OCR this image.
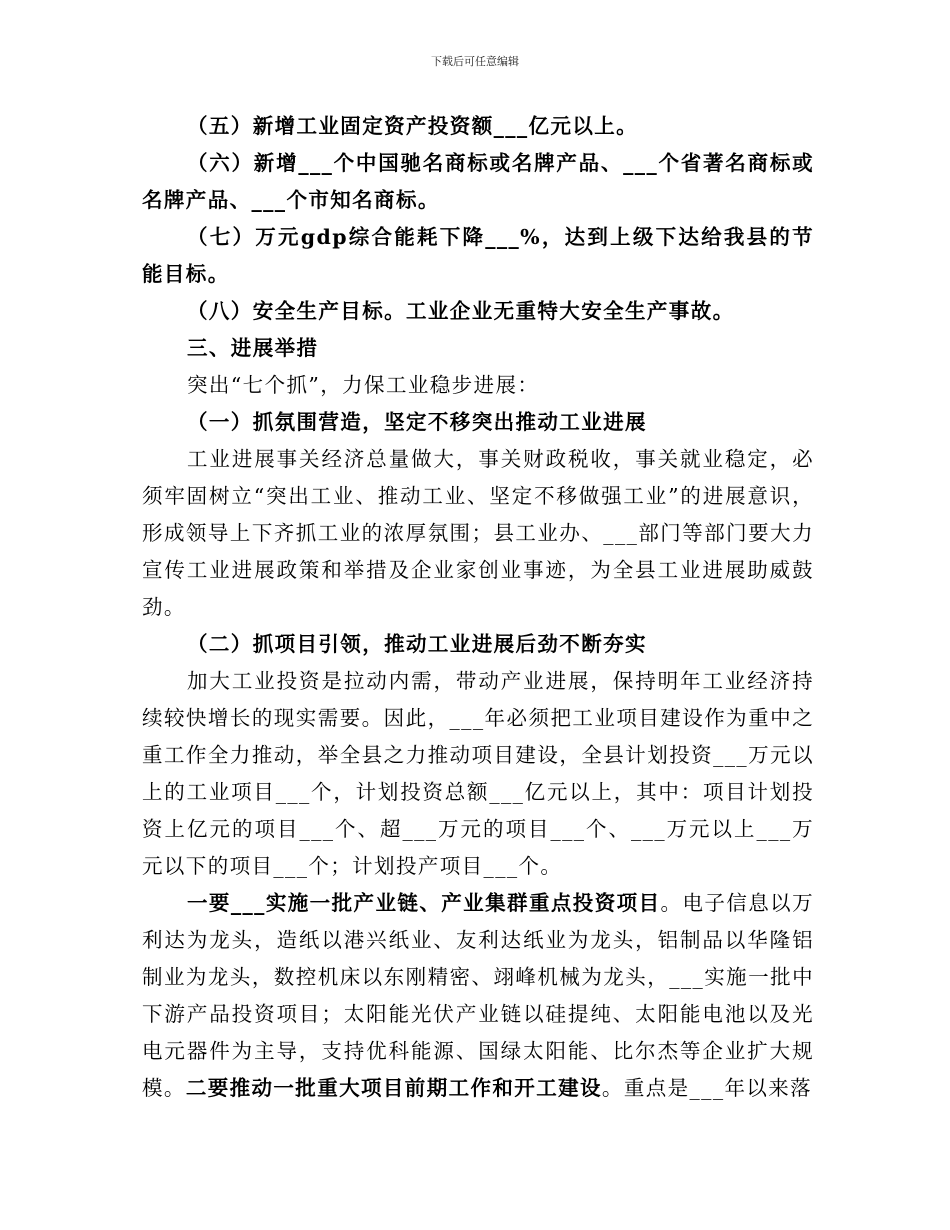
下载后可任意编辑

（五）新增工业固定资产投资额___亿元以上。

（六）新增___个中国驰名商标或名牌产品、___个省著名商标或名牌产品、___个市知名商标。

（七）万元gdp综合能耗下降___%，达到上级下达给我县的节能目标。

（八）安全生产目标。工业企业无重特大安全生产事故。

三、进展举措

突出“七个抓”，力保工业稳步进展：

（一）抓氛围营造，坚定不移突出推动工业进展

工业进展事关经济总量做大，事关财政税收，事关就业稳定，必须牢固树立“突出工业、推动工业、坚定不移做强工业”的进展意识，形成领导上下齐抓工业的浓厚氛围；县工业办、___部门等部门要大力宣传工业进展政策和举措及企业家创业事迹，为全县工业进展助威鼓劲。

（二）抓项目引领，推动工业进展后劲不断夯实

加大工业投资是拉动内需，带动产业进展，保持明年工业经济持续较快增长的现实需要。因此，___年必须把工业项目建设作为重中之重工作全力推动，举全县之力推动项目建设，全县计划投资___万元以上的工业项目___个，计划投资总额___亿元以上，其中：项目计划投资上亿元的项目___个、超___万元的项目___个、___万元以上___万元以下的项目___个；计划投产项目___个。

一要___实施一批产业链、产业集群重点投资项目。电子信息以万利达为龙头，造纸以港兴纸业、友利达纸业为龙头，铝制品以华隆铝制业为龙头，数控机床以东刚精密、翊峰机械为龙头，___实施一批中下游产品投资项目；太阳能光伏产业链以硅提纯、太阳能电池以及光电元器件为主导，支持优科能源、国绿太阳能、比尔杰等企业扩大规模。二要推动一批重大项目前期工作和开工建设。重点是___年以来落
